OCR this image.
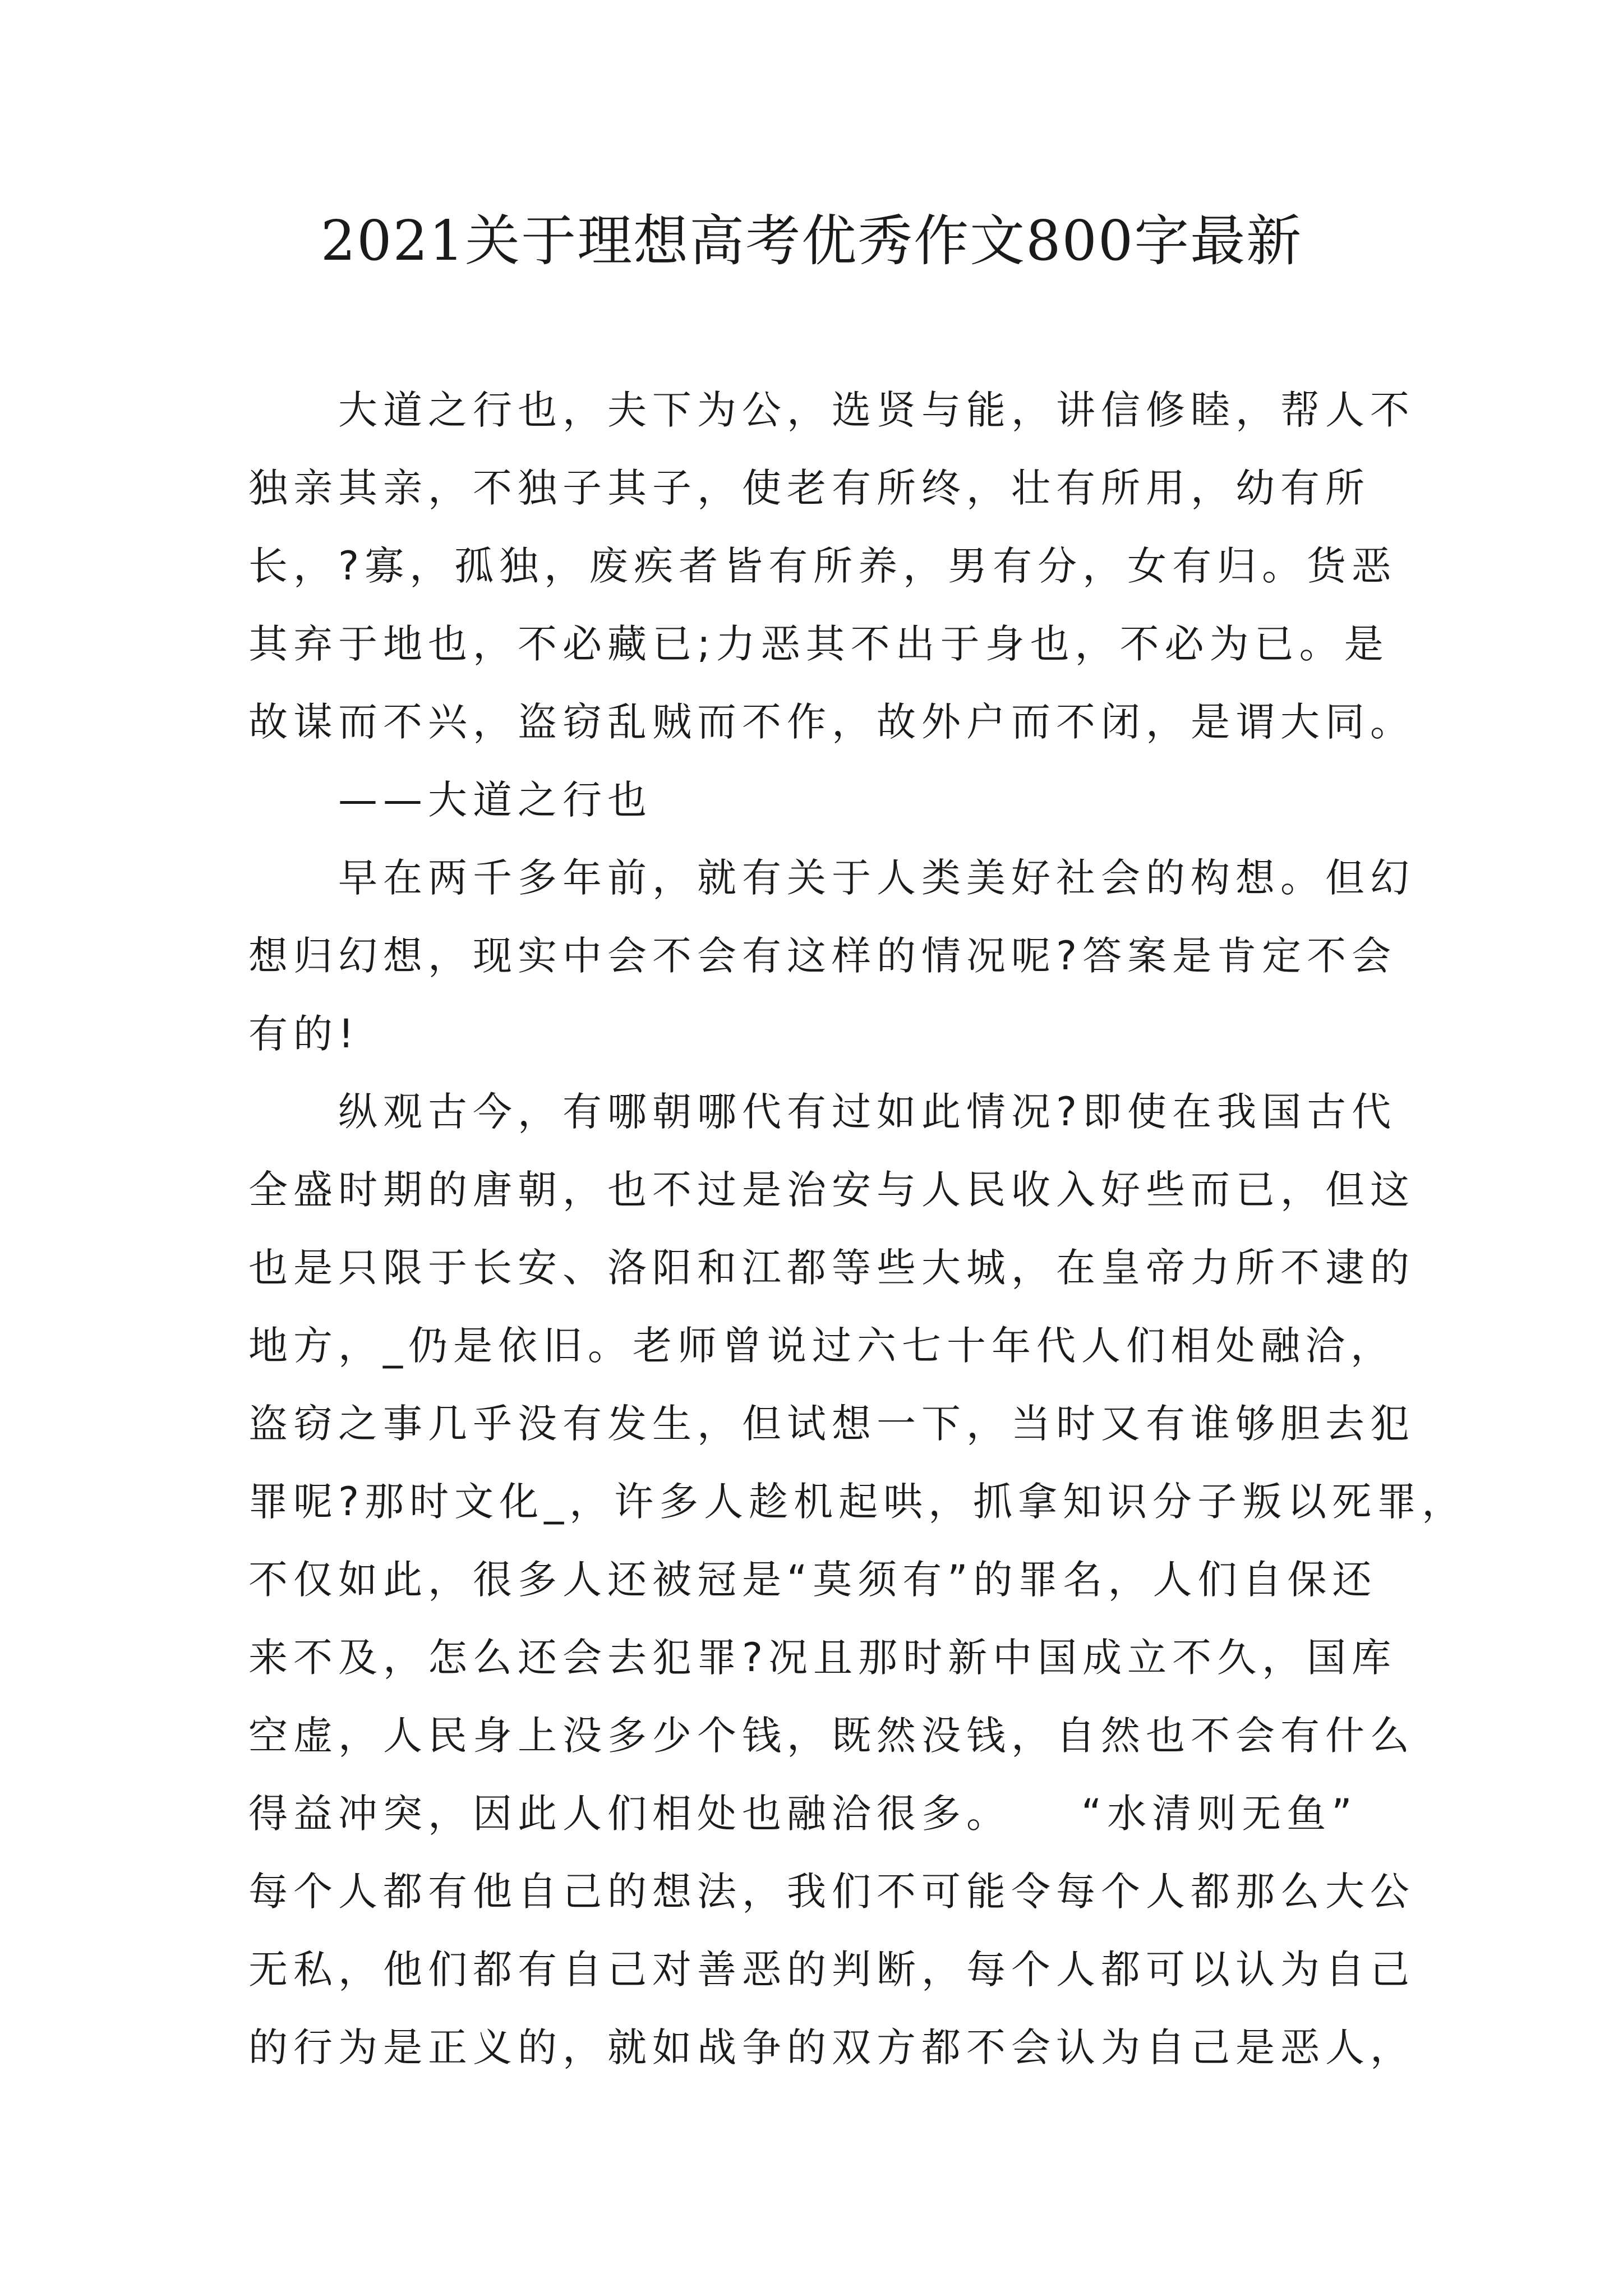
2021关于理想高考优秀作文800字最新
大道之行也，夫下为公，选贤与能，讲信修睦，帮人不
独亲其亲，不独子其子，使老有所终，壮有所用，幼有所
长，?寡，孤独，废疾者皆有所养，男有分，女有归。货恶
其弃于地也，不必藏已;力恶其不出于身也，不必为已。是
故谋而不兴，盗窃乱贼而不作，故外户而不闭，是谓大同。
——大道之行也
早在两千多年前，就有关于人类美好社会的构想。但幻
想归幻想，现实中会不会有这样的情况呢?答案是肯定不会
有的!
纵观古今，有哪朝哪代有过如此情况?即使在我国古代
全盛时期的唐朝，也不过是治安与人民收入好些而已，但这
也是只限于长安、洛阳和江都等些大城，在皇帝力所不逮的
地方，_仍是依旧。老师曾说过六七十年代人们相处融洽，
盗窃之事几乎没有发生，但试想一下，当时又有谁够胆去犯
罪呢?那时文化_，许多人趁机起哄，抓拿知识分子叛以死罪，
不仅如此，很多人还被冠是“莫须有”的罪名，人们自保还
来不及，怎么还会去犯罪?况且那时新中国成立不久，国库
空虚，人民身上没多少个钱，既然没钱，自然也不会有什么
得益冲突，因此人们相处也融洽很多。　　“水清则无鱼”
每个人都有他自己的想法，我们不可能令每个人都那么大公
无私，他们都有自己对善恶的判断，每个人都可以认为自己
的行为是正义的，就如战争的双方都不会认为自己是恶人，
